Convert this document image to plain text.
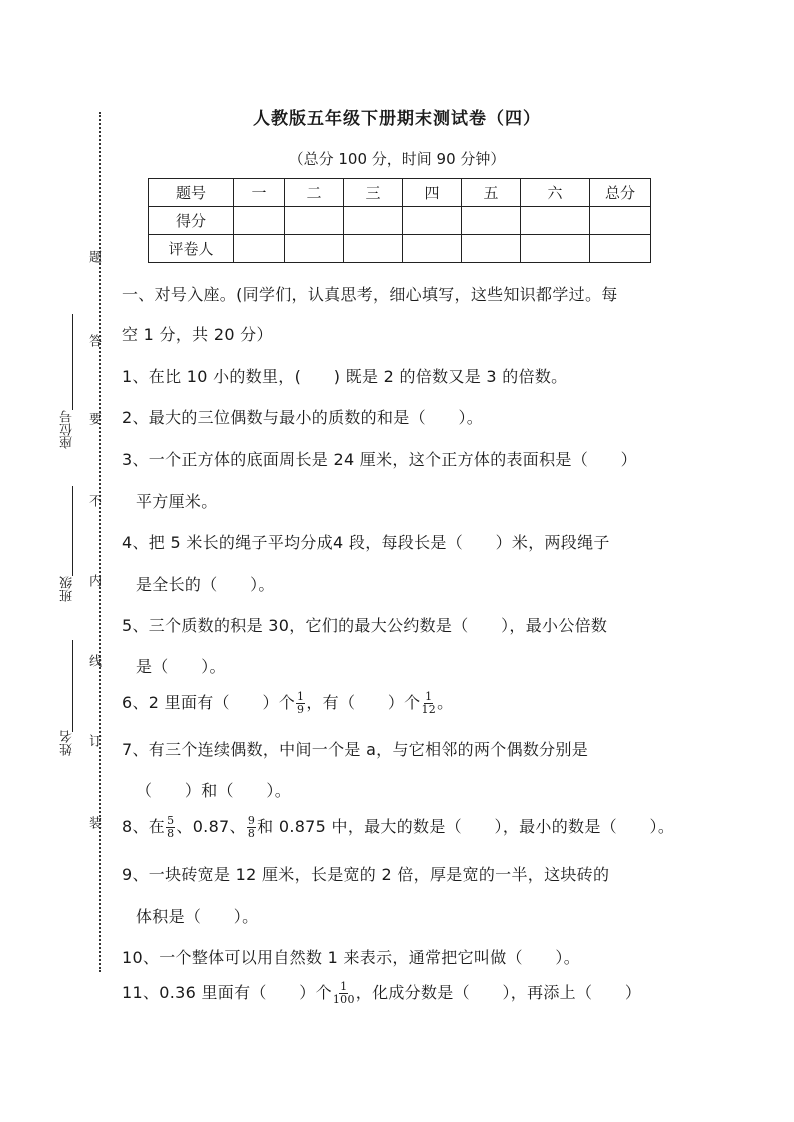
人教版五年级下册期末测试卷（四）
（总分 100 分，时间 90 分钟）
题号	一	二	三	四	五	六	总分
得分							
评卷人							
题
答
要
不
内
线
订
装
座位号
班级
姓名
一、对号入座。(同学们，认真思考，细心填写，这些知识都学过。每
空 1 分，共 20 分）
1、在比 10 小的数里，(　　) 既是 2 的倍数又是 3 的倍数。
2、最大的三位偶数与最小的质数的和是（　　）。
3、一个正方体的底面周长是 24 厘米，这个正方体的表面积是（　　）
平方厘米。
4、把 5 米长的绳子平均分成4 段，每段长是（　　）米，两段绳子
是全长的（　　）。
5、三个质数的积是 30，它们的最大公约数是（　　），最小公倍数
是（　　）。
6、2 里面有（　　）个 $\frac{1}{9}$ ，有（　　）个 $\frac{1}{12}$ 。
7、有三个连续偶数，中间一个是 a，与它相邻的两个偶数分别是
（　　）和（　　）。
8、在 $\frac{5}{8}$ 、0.87、 $\frac{9}{8}$ 和 0.875 中，最大的数是（　　），最小的数是（　　）。
9、一块砖宽是 12 厘米，长是宽的 2 倍，厚是宽的一半，这块砖的
体积是（　　）。
10、一个整体可以用自然数 1 来表示，通常把它叫做（　　）。
11、0.36 里面有（　　）个 $\frac{1}{100}$ ，化成分数是（　　），再添上（　　）
